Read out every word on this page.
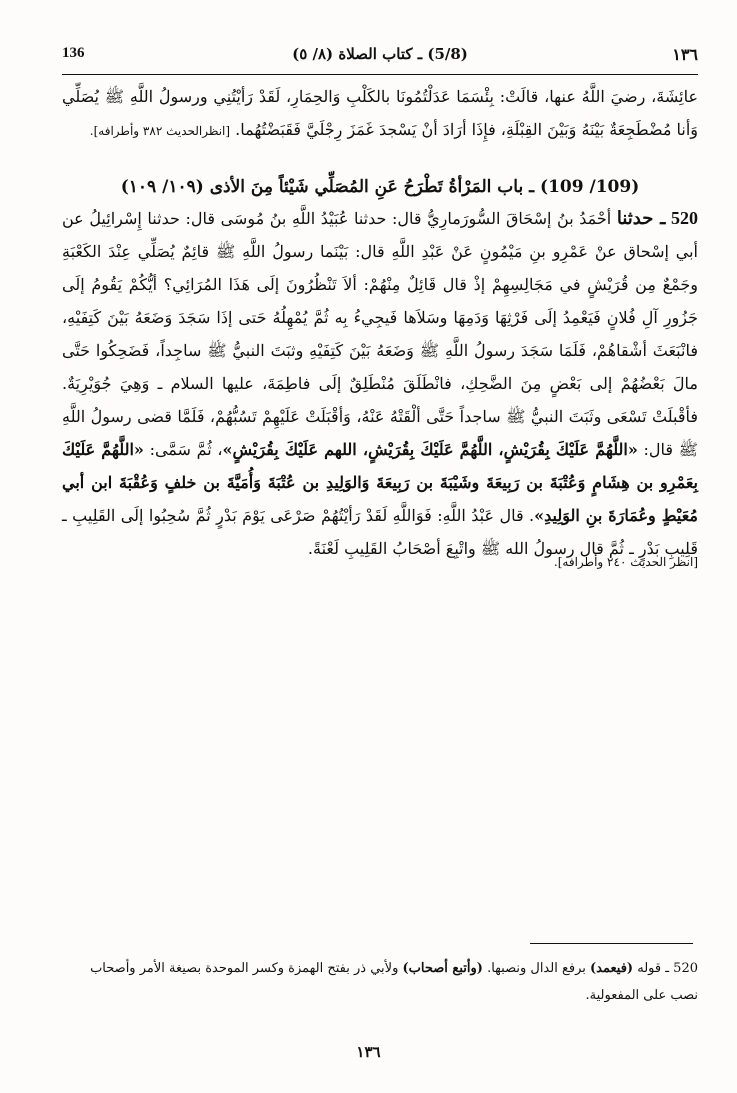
136	(5/8) ـ كتاب الصلاة (٨/ ٥)	١٣٦
عائِشَةَ، رضيَ اللَّهُ عنها، قالَتْ: بِئْسَمَا عَدَلْتُمُونَا بالكَلْبِ وَالحِمَارِ، لَقَدْ رَأيْتُنِي ورسولُ اللَّهِ ﷺ يُصَلِّي وَأنا مُضْطَجِعَةٌ بَيْنَهُ وَبَيْنَ القِبْلَةِ، فإِذَا أرَادَ أنْ يَسْجدَ غَمَزَ رِجْلَيَّ فَقَبَضْتُهُما. [انظرالحديث ٣٨٢ وأطرافه].
(109/ 109) ـ باب المَرْأةُ تَطْرَحُ عَنِ المُصَلِّي شَيْئاً مِنَ الأذى (١٠٩/ ١٠٩)
520 ـ حدثنا أحْمَدُ بنُ إسْحَاقَ السُّورَمارِيُّ قال: حدثنا عُبَيْدُ اللَّهِ بنُ مُوسَى قال: حدثنا إِسْرائِيلُ عن أبي إسْحاق عنْ عَمْرِو بنِ مَيْمُونٍ عَنْ عَبْدِ اللَّهِ قال: بَيْنَما رسولُ اللَّهِ ﷺ قائِمٌ يُصَلِّي عِنْدَ الكَعْبَةِ وجَمْعٌ مِن قُرَيْشٍ في مَجَالِسِهِمْ إذْ قال قَائِلٌ مِنْهُمْ: ألاَ تَنْظُرُونَ إلَى هَذَا المُرَائِي؟ أيُّكُمْ يَقُومُ إلَى جَزُورِ آلِ فُلانٍ فَيَعْمِدُ إلَى فَرْثِهَا وَدَمِهَا وسَلاَها فَيجِيءُ بِه ثُمَّ يُمْهِلُهُ حَتى إذَا سَجَدَ وَضَعَهُ بَيْنَ كَتِفَيْهِ، فانْبَعَثَ أشْقاهُمْ، فَلَمَا سَجَدَ رسولُ اللَّهِ ﷺ وَضَعَهُ بَيْنَ كَتِفَيْهِ وثبَتَ النبيُّ ﷺ ساجِداً، فَضَحِكُوا حَتَّى مالَ بَعْضُهُمْ إلى بَعْضٍ مِنَ الضَّحِكِ، فانْطَلَقَ مُنْطَلِقٌ إلَى فاطِمَةَ، عليها السلام ـ وَهِيَ جُوَيْرِيَةٌ. فأقْبلَتْ تَسْعَى وثَبَتَ النبيُّ ﷺ ساجداً حَتَّى ألْقَتْهُ عَنْهُ، وَأقْبَلَتْ عَلَيْهِمْ تَسُبُّهُمْ، فَلَمَّا قضى رسولُ اللَّهِ ﷺ قال: «اللَّهُمَّ عَلَيْكَ بِقُرَيْشٍ، اللَّهُمَّ عَلَيْكَ بِقُرَيْشٍ، اللهم عَلَيْكَ بِقُرَيْشٍ»، ثُمَّ سَمَّى: «اللَّهُمَّ عَلَيْكَ بِعَمْرِو بن هِشَامٍ وَعُتْبَةَ بن رَبِيعَةَ وشَيْبَةَ بن رَبِيعَةَ وَالوَلِيدِ بن عُتْبَةَ وَأُمَيَّةَ بن خلفٍ وَعُقْبَةَ ابن أبي مُعَيْطٍ وعُمَارَةَ بنِ الوَلِيدِ». قال عَبْدُ اللَّهِ: فَوَاللَّهِ لَقَدْ رَأيْتُهُمْ صَرْعَى يَوْمَ بَدْرٍ ثُمَّ سُحِبُوا إلَى القَلِيبِ ـ قَلِيبِ بَدْرٍ ـ ثُمَّ قال رسولُ الله ﷺ واتْبِعَ أصْحَابُ القَلِيبِ لَعْنَةً.
[انظر الحديث ٢٤٠ وأطرافه].
520 ـ قوله (فيعمد) برفع الدال ونصبها. (وأتبع أصحاب) ولأبي ذر بفتح الهمزة وكسر الموحدة بصيغة الأمر وأصحاب نصب على المفعولية.
١٣٦
